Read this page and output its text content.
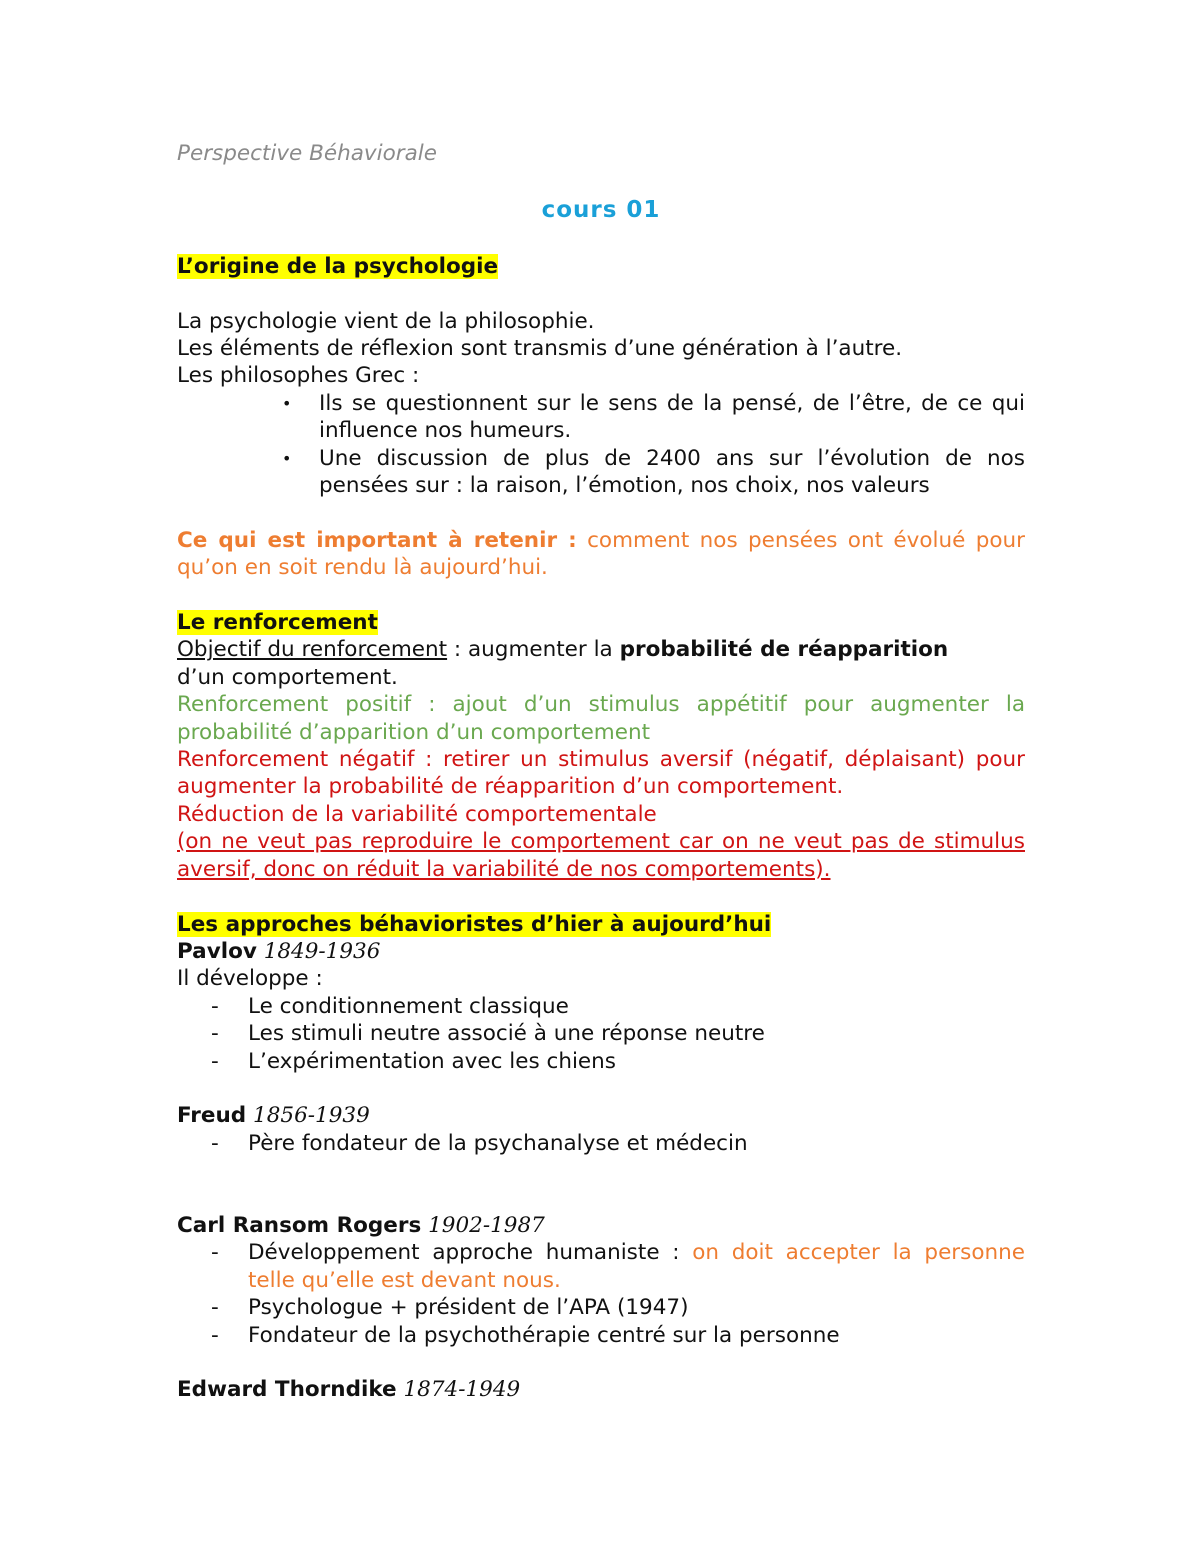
Perspective Béhaviorale
cours 01
L’origine de la psychologie
La psychologie vient de la philosophie.
Les éléments de réflexion sont transmis d’une génération à l’autre.
Les philosophes Grec :
• Ils se questionnent sur le sens de la pensé, de l’être, de ce qui influence nos humeurs.
• Une discussion de plus de 2400 ans sur l’évolution de nos pensées sur : la raison, l’émotion, nos choix, nos valeurs
Ce qui est important à retenir : comment nos pensées ont évolué pour qu’on en soit rendu là aujourd’hui.
Le renforcement
Objectif du renforcement : augmenter la probabilité de réapparition
d’un comportement.
Renforcement positif : ajout d’un stimulus appétitif pour augmenter la probabilité d’apparition d’un comportement
Renforcement négatif : retirer un stimulus aversif (négatif, déplaisant) pour augmenter la probabilité de réapparition d’un comportement.
Réduction de la variabilité comportementale
(on ne veut pas reproduire le comportement car on ne veut pas de stimulus aversif, donc on réduit la variabilité de nos comportements).
Les approches béhavioristes d’hier à aujourd’hui
Pavlov 1849-1936
Il développe :
- Le conditionnement classique
- Les stimuli neutre associé à une réponse neutre
- L’expérimentation avec les chiens
Freud 1856-1939
- Père fondateur de la psychanalyse et médecin
Carl Ransom Rogers 1902-1987
- Développement approche humaniste : on doit accepter la personne telle qu’elle est devant nous.
- Psychologue + président de l’APA (1947)
- Fondateur de la psychothérapie centré sur la personne
Edward Thorndike 1874-1949
